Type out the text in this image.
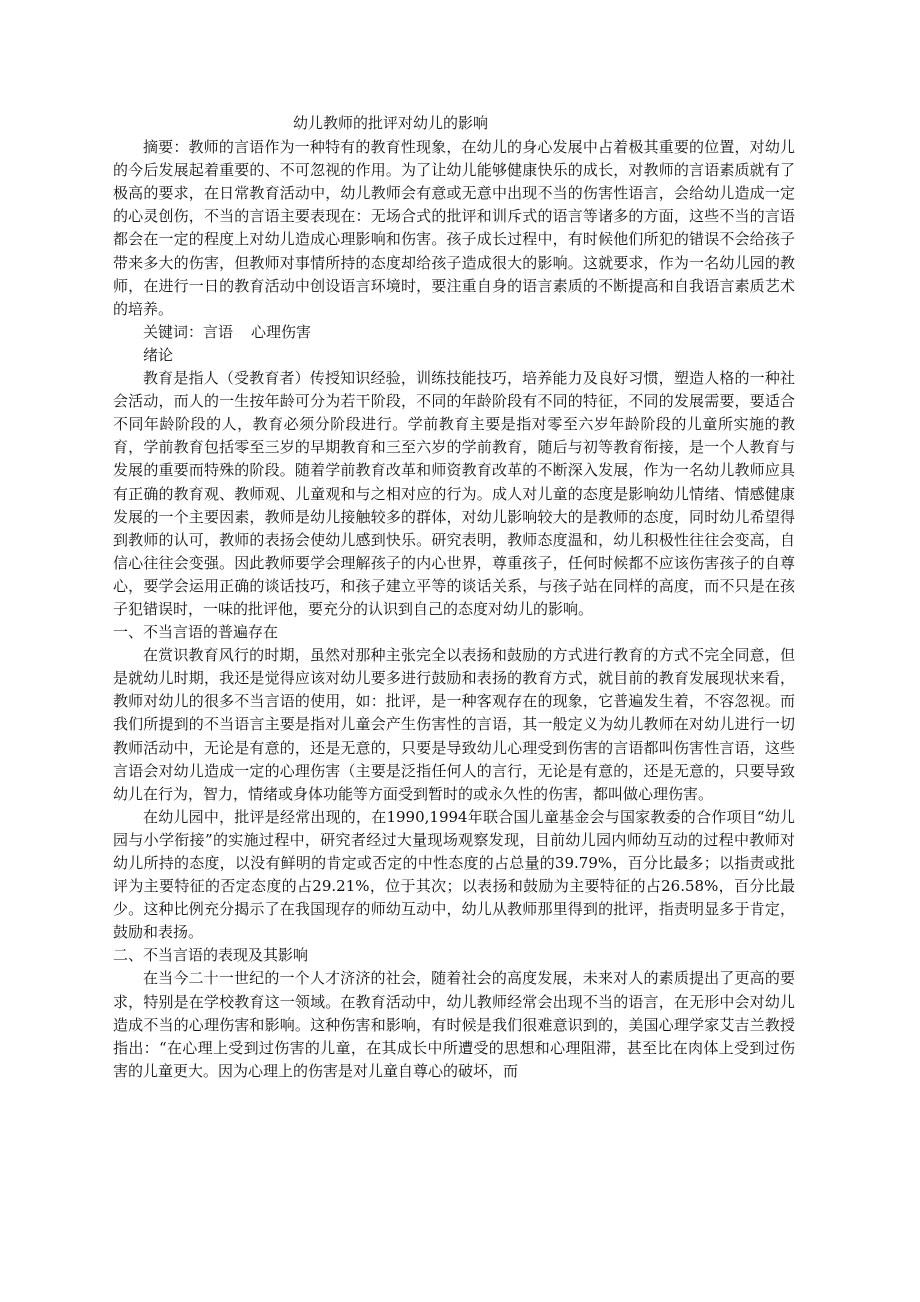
幼儿教师的批评对幼儿的影响

摘要：教师的言语作为一种特有的教育性现象，在幼儿的身心发展中占着极其重要的位置，对幼儿的今后发展起着重要的、不可忽视的作用。为了让幼儿能够健康快乐的成长，对教师的言语素质就有了极高的要求，在日常教育活动中，幼儿教师会有意或无意中出现不当的伤害性语言，会给幼儿造成一定的心灵创伤，不当的言语主要表现在：无场合式的批评和训斥式的语言等诸多的方面，这些不当的言语都会在一定的程度上对幼儿造成心理影响和伤害。孩子成长过程中，有时候他们所犯的错误不会给孩子带来多大的伤害，但教师对事情所持的态度却给孩子造成很大的影响。这就要求，作为一名幼儿园的教师，在进行一日的教育活动中创设语言环境时，要注重自身的语言素质的不断提高和自我语言素质艺术的培养。

关键词：言语 心理伤害

绪论

教育是指人（受教育者）传授知识经验，训练技能技巧，培养能力及良好习惯，塑造人格的一种社会活动，而人的一生按年龄可分为若干阶段，不同的年龄阶段有不同的特征，不同的发展需要，要适合不同年龄阶段的人，教育必须分阶段进行。学前教育主要是指对零至六岁年龄阶段的儿童所实施的教育，学前教育包括零至三岁的早期教育和三至六岁的学前教育，随后与初等教育衔接，是一个人教育与发展的重要而特殊的阶段。随着学前教育改革和师资教育改革的不断深入发展，作为一名幼儿教师应具有正确的教育观、教师观、儿童观和与之相对应的行为。成人对儿童的态度是影响幼儿情绪、情感健康发展的一个主要因素，教师是幼儿接触较多的群体，对幼儿影响较大的是教师的态度，同时幼儿希望得到教师的认可，教师的表扬会使幼儿感到快乐。研究表明，教师态度温和，幼儿积极性往往会变高，自信心往往会变强。因此教师要学会理解孩子的内心世界，尊重孩子，任何时候都不应该伤害孩子的自尊心，要学会运用正确的谈话技巧，和孩子建立平等的谈话关系，与孩子站在同样的高度，而不只是在孩子犯错误时，一味的批评他，要充分的认识到自己的态度对幼儿的影响。

一、不当言语的普遍存在

在赏识教育风行的时期，虽然对那种主张完全以表扬和鼓励的方式进行教育的方式不完全同意，但是就幼儿时期，我还是觉得应该对幼儿要多进行鼓励和表扬的教育方式，就目前的教育发展现状来看，教师对幼儿的很多不当言语的使用，如：批评，是一种客观存在的现象，它普遍发生着，不容忽视。而我们所提到的不当语言主要是指对儿童会产生伤害性的言语，其一般定义为幼儿教师在对幼儿进行一切教师活动中，无论是有意的，还是无意的，只要是导致幼儿心理受到伤害的言语都叫伤害性言语，这些言语会对幼儿造成一定的心理伤害（主要是泛指任何人的言行，无论是有意的，还是无意的，只要导致幼儿在行为，智力，情绪或身体功能等方面受到暂时的或永久性的伤害，都叫做心理伤害。

在幼儿园中，批评是经常出现的，在1990,1994年联合国儿童基金会与国家教委的合作项目“幼儿园与小学衔接”的实施过程中，研究者经过大量现场观察发现，目前幼儿园内师幼互动的过程中教师对幼儿所持的态度，以没有鲜明的肯定或否定的中性态度的占总量的39.79%，百分比最多；以指责或批评为主要特征的否定态度的占29.21%，位于其次；以表扬和鼓励为主要特征的占26.58%，百分比最少。这种比例充分揭示了在我国现存的师幼互动中，幼儿从教师那里得到的批评，指责明显多于肯定，鼓励和表扬。

二、不当言语的表现及其影响

在当今二十一世纪的一个人才济济的社会，随着社会的高度发展，未来对人的素质提出了更高的要求，特别是在学校教育这一领域。在教育活动中，幼儿教师经常会出现不当的语言，在无形中会对幼儿造成不当的心理伤害和影响。这种伤害和影响，有时候是我们很难意识到的，美国心理学家艾吉兰教授指出：“在心理上受到过伤害的儿童，在其成长中所遭受的思想和心理阻滞，甚至比在肉体上受到过伤害的儿童更大。因为心理上的伤害是对儿童自尊心的破坏，而
